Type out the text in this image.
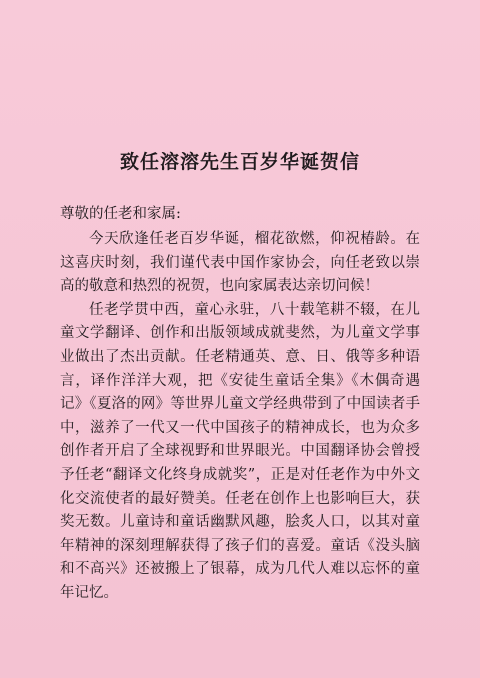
致任溶溶先生百岁华诞贺信

尊敬的任老和家属:

今天欣逢任老百岁华诞，榴花欲燃，仰祝椿龄。在这喜庆时刻，我们谨代表中国作家协会，向任老致以崇高的敬意和热烈的祝贺，也向家属表达亲切问候！

任老学贯中西，童心永驻，八十载笔耕不辍，在儿童文学翻译、创作和出版领域成就斐然，为儿童文学事业做出了杰出贡献。任老精通英、意、日、俄等多种语言，译作洋洋大观，把《安徒生童话全集》《木偶奇遇记》《夏洛的网》等世界儿童文学经典带到了中国读者手中，滋养了一代又一代中国孩子的精神成长，也为众多创作者开启了全球视野和世界眼光。中国翻译协会曾授予任老“翻译文化终身成就奖”，正是对任老作为中外文化交流使者的最好赞美。任老在创作上也影响巨大，获奖无数。儿童诗和童话幽默风趣，脍炙人口，以其对童年精神的深刻理解获得了孩子们的喜爱。童话《没头脑和不高兴》还被搬上了银幕，成为几代人难以忘怀的童年记忆。
